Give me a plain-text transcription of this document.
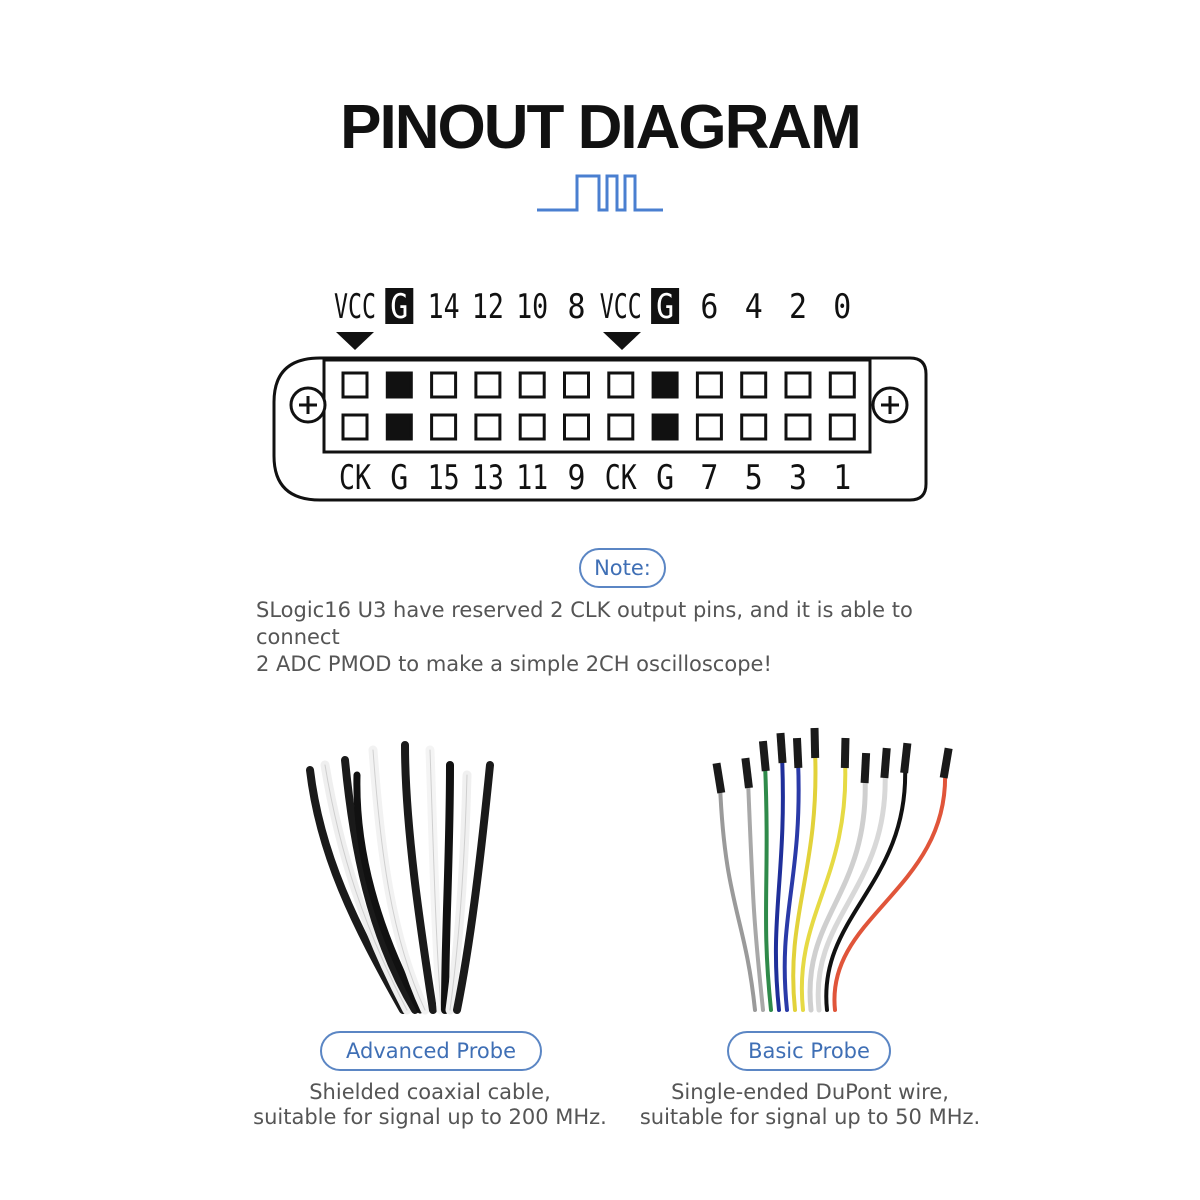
PINOUT DIAGRAM
VCC G 14 12 10 8 VCC G 6 4 2 0
CK G 15 13 11 9 CK G 7 5 3 1
Note:
SLogic16 U3 have reserved 2 CLK output pins, and it is able to connect
2 ADC PMOD to make a simple 2CH oscilloscope!
Advanced Probe
Shielded coaxial cable,
suitable for signal up to 200 MHz.
Basic Probe
Single-ended DuPont wire,
suitable for signal up to 50 MHz.
